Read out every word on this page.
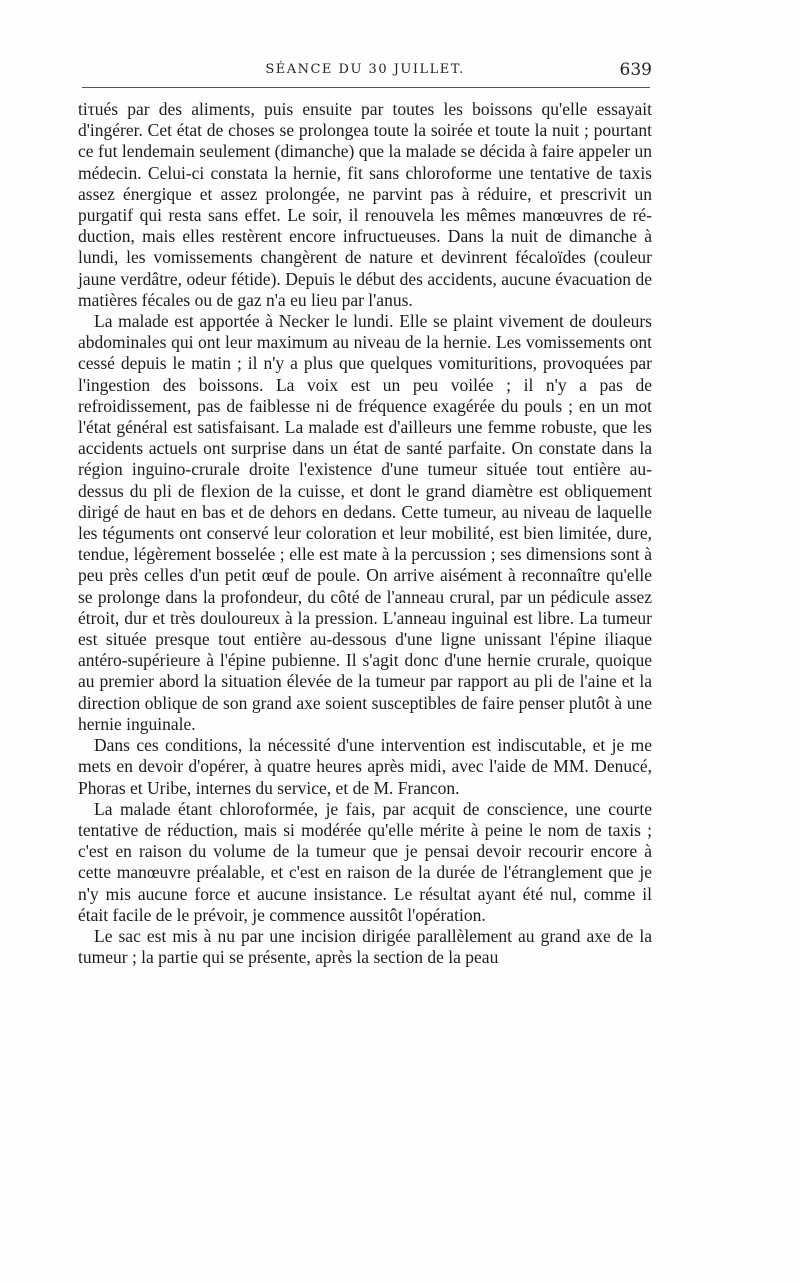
SÉANCE DU 30 JUILLET.	639

tiτués par des aliments, puis ensuite par toutes les boissons qu'elle essayait d'ingérer. Cet état de choses se prolongea toute la soirée et toute la nuit ; pourtant ce fut lendemain seulement (dimanche) que la malade se décida à faire appeler un médecin. Celui-ci constata la hernie, fit sans chloroforme une tentative de taxis assez énergique et assez prolongée, ne parvint pas à réduire, et prescrivit un purgatif qui resta sans effet. Le soir, il renouvela les mêmes manœuvres de réduction, mais elles restèrent encore infructueuses. Dans la nuit de dimanche à lundi, les vomissements changèrent de nature et devinrent fécaloïdes (couleur jaune verdâtre, odeur fétide). Depuis le début des accidents, aucune évacuation de matières fécales ou de gaz n'a eu lieu par l'anus.

La malade est apportée à Necker le lundi. Elle se plaint vivement de douleurs abdominales qui ont leur maximum au niveau de la hernie. Les vomissements ont cessé depuis le matin ; il n'y a plus que quelques vomituritions, provoquées par l'ingestion des boissons. La voix est un peu voilée ; il n'y a pas de refroidissement, pas de faiblesse ni de fréquence exagérée du pouls ; en un mot l'état général est satisfaisant. La malade est d'ailleurs une femme robuste, que les accidents actuels ont surprise dans un état de santé parfaite. On constate dans la région inguino-crurale droite l'existence d'une tumeur située tout entière au-dessus du pli de flexion de la cuisse, et dont le grand diamètre est obliquement dirigé de haut en bas et de dehors en dedans. Cette tumeur, au niveau de laquelle les téguments ont conservé leur coloration et leur mobilité, est bien limitée, dure, tendue, légèrement bosselée ; elle est mate à la percussion ; ses dimensions sont à peu près celles d'un petit œuf de poule. On arrive aisément à reconnaître qu'elle se prolonge dans la profondeur, du côté de l'anneau crural, par un pédicule assez étroit, dur et très douloureux à la pression. L'anneau inguinal est libre. La tumeur est située presque tout entière au-dessous d'une ligne unissant l'épine iliaque antéro-supérieure à l'épine pubienne. Il s'agit donc d'une hernie crurale, quoique au premier abord la situation élevée de la tumeur par rapport au pli de l'aine et la direction oblique de son grand axe soient susceptibles de faire penser plutôt à une hernie inguinale.

Dans ces conditions, la nécessité d'une intervention est indiscutable, et je me mets en devoir d'opérer, à quatre heures après midi, avec l'aide de MM. Denucé, Phoras et Uribe, internes du service, et de M. Francon.

La malade étant chloroformée, je fais, par acquit de conscience, une courte tentative de réduction, mais si modérée qu'elle mérite à peine le nom de taxis ; c'est en raison du volume de la tumeur que je pensai devoir recourir encore à cette manœuvre préalable, et c'est en raison de la durée de l'étranglement que je n'y mis aucune force et aucune insistance. Le résultat ayant été nul, comme il était facile de le prévoir, je commence aussitôt l'opération.

Le sac est mis à nu par une incision dirigée parallèlement au grand axe de la tumeur ; la partie qui se présente, après la section de la peau
